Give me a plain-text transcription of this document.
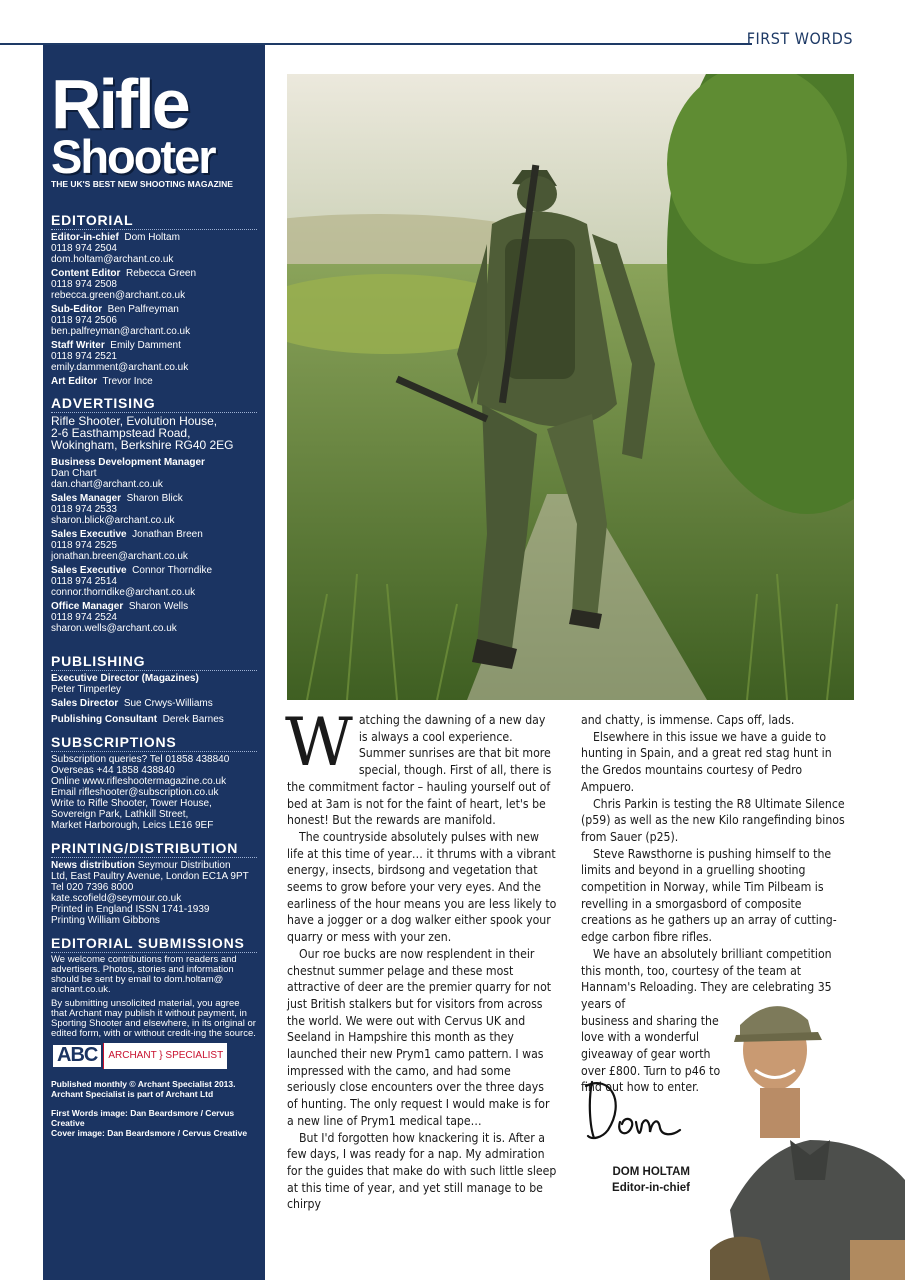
FIRST WORDS
Rifle
Shooter
THE UK'S BEST NEW SHOOTING MAGAZINE
EDITORIAL
Editor-in-chief Dom Holtam
0118 974 2504
dom.holtam@archant.co.uk
Content Editor Rebecca Green
0118 974 2508
rebecca.green@archant.co.uk
Sub-Editor Ben Palfreyman
0118 974 2506
ben.palfreyman@archant.co.uk
Staff Writer Emily Damment
0118 974 2521
emily.damment@archant.co.uk
Art Editor Trevor Ince
ADVERTISING
Rifle Shooter, Evolution House,
2-6 Easthampstead Road,
Wokingham, Berkshire RG40 2EG
Business Development Manager
Dan Chart
dan.chart@archant.co.uk
Sales Manager Sharon Blick
0118 974 2533
sharon.blick@archant.co.uk
Sales Executive Jonathan Breen
0118 974 2525
jonathan.breen@archant.co.uk
Sales Executive Connor Thorndike
0118 974 2514
connor.thorndike@archant.co.uk
Office Manager Sharon Wells
0118 974 2524
sharon.wells@archant.co.uk
PUBLISHING
Executive Director (Magazines)
Peter Timperley
Sales Director Sue Crwys-Williams
Publishing Consultant Derek Barnes
SUBSCRIPTIONS
Subscription queries? Tel 01858 438840
Overseas +44 1858 438840
Online www.rifleshootermagazine.co.uk
Email rifleshooter@subscription.co.uk
Write to Rifle Shooter, Tower House,
Sovereign Park, Lathkill Street,
Market Harborough, Leics LE16 9EF
PRINTING/DISTRIBUTION
News distribution Seymour Distribution
Ltd, East Paultry Avenue, London EC1A 9PT
Tel 020 7396 8000
kate.scofield@seymour.co.uk
Printed in England ISSN 1741-1939
Printing William Gibbons
EDITORIAL SUBMISSIONS
We welcome contributions from readers and advertisers. Photos, stories and information should be sent by email to dom.holtam@ archant.co.uk.
By submitting unsolicited material, you agree that Archant may publish it without payment, in Sporting Shooter and elsewhere, in its original or edited form, with or without credit-ing the source.
ABC	ARCHANT } SPECIALIST
Published monthly © Archant Specialist 2013.
Archant Specialist is part of Archant Ltd
First Words image: Dan Beardsmore / Cervus Creative
Cover image: Dan Beardsmore / Cervus Creative

Watching the dawning of a new day is always a cool experience. Summer sunrises are that bit more special, though. First of all, there is the commitment factor – hauling yourself out of bed at 3am is not for the faint of heart, let's be honest! But the rewards are manifold.

The countryside absolutely pulses with new life at this time of year… it thrums with a vibrant energy, insects, birdsong and vegetation that seems to grow before your very eyes. And the earliness of the hour means you are less likely to have a jogger or a dog walker either spook your quarry or mess with your zen.

Our roe bucks are now resplendent in their chestnut summer pelage and these most attractive of deer are the premier quarry for not just British stalkers but for visitors from across the world. We were out with Cervus UK and Seeland in Hampshire this month as they launched their new Prym1 camo pattern. I was impressed with the camo, and had some seriously close encounters over the three days of hunting. The only request I would make is for a new line of Prym1 medical tape…

But I'd forgotten how knackering it is. After a few days, I was ready for a nap. My admiration for the guides that make do with such little sleep at this time of year, and yet still manage to be chirpy

and chatty, is immense. Caps off, lads.

Elsewhere in this issue we have a guide to hunting in Spain, and a great red stag hunt in the Gredos mountains courtesy of Pedro Ampuero.

Chris Parkin is testing the R8 Ultimate Silence (p59) as well as the new Kilo rangefinding binos from Sauer (p25).

Steve Rawsthorne is pushing himself to the limits and beyond in a gruelling shooting competition in Norway, while Tim Pilbeam is revelling in a smorgasbord of composite creations as he gathers up an array of cutting-edge carbon fibre rifles.

We have an absolutely brilliant competition this month, too, courtesy of the team at Hannam's Reloading. They are celebrating 35 years of

business and sharing the love with a wonderful giveaway of gear worth over £800. Turn to p46 to find out how to enter.

DOM HOLTAM
Editor-in-chief
